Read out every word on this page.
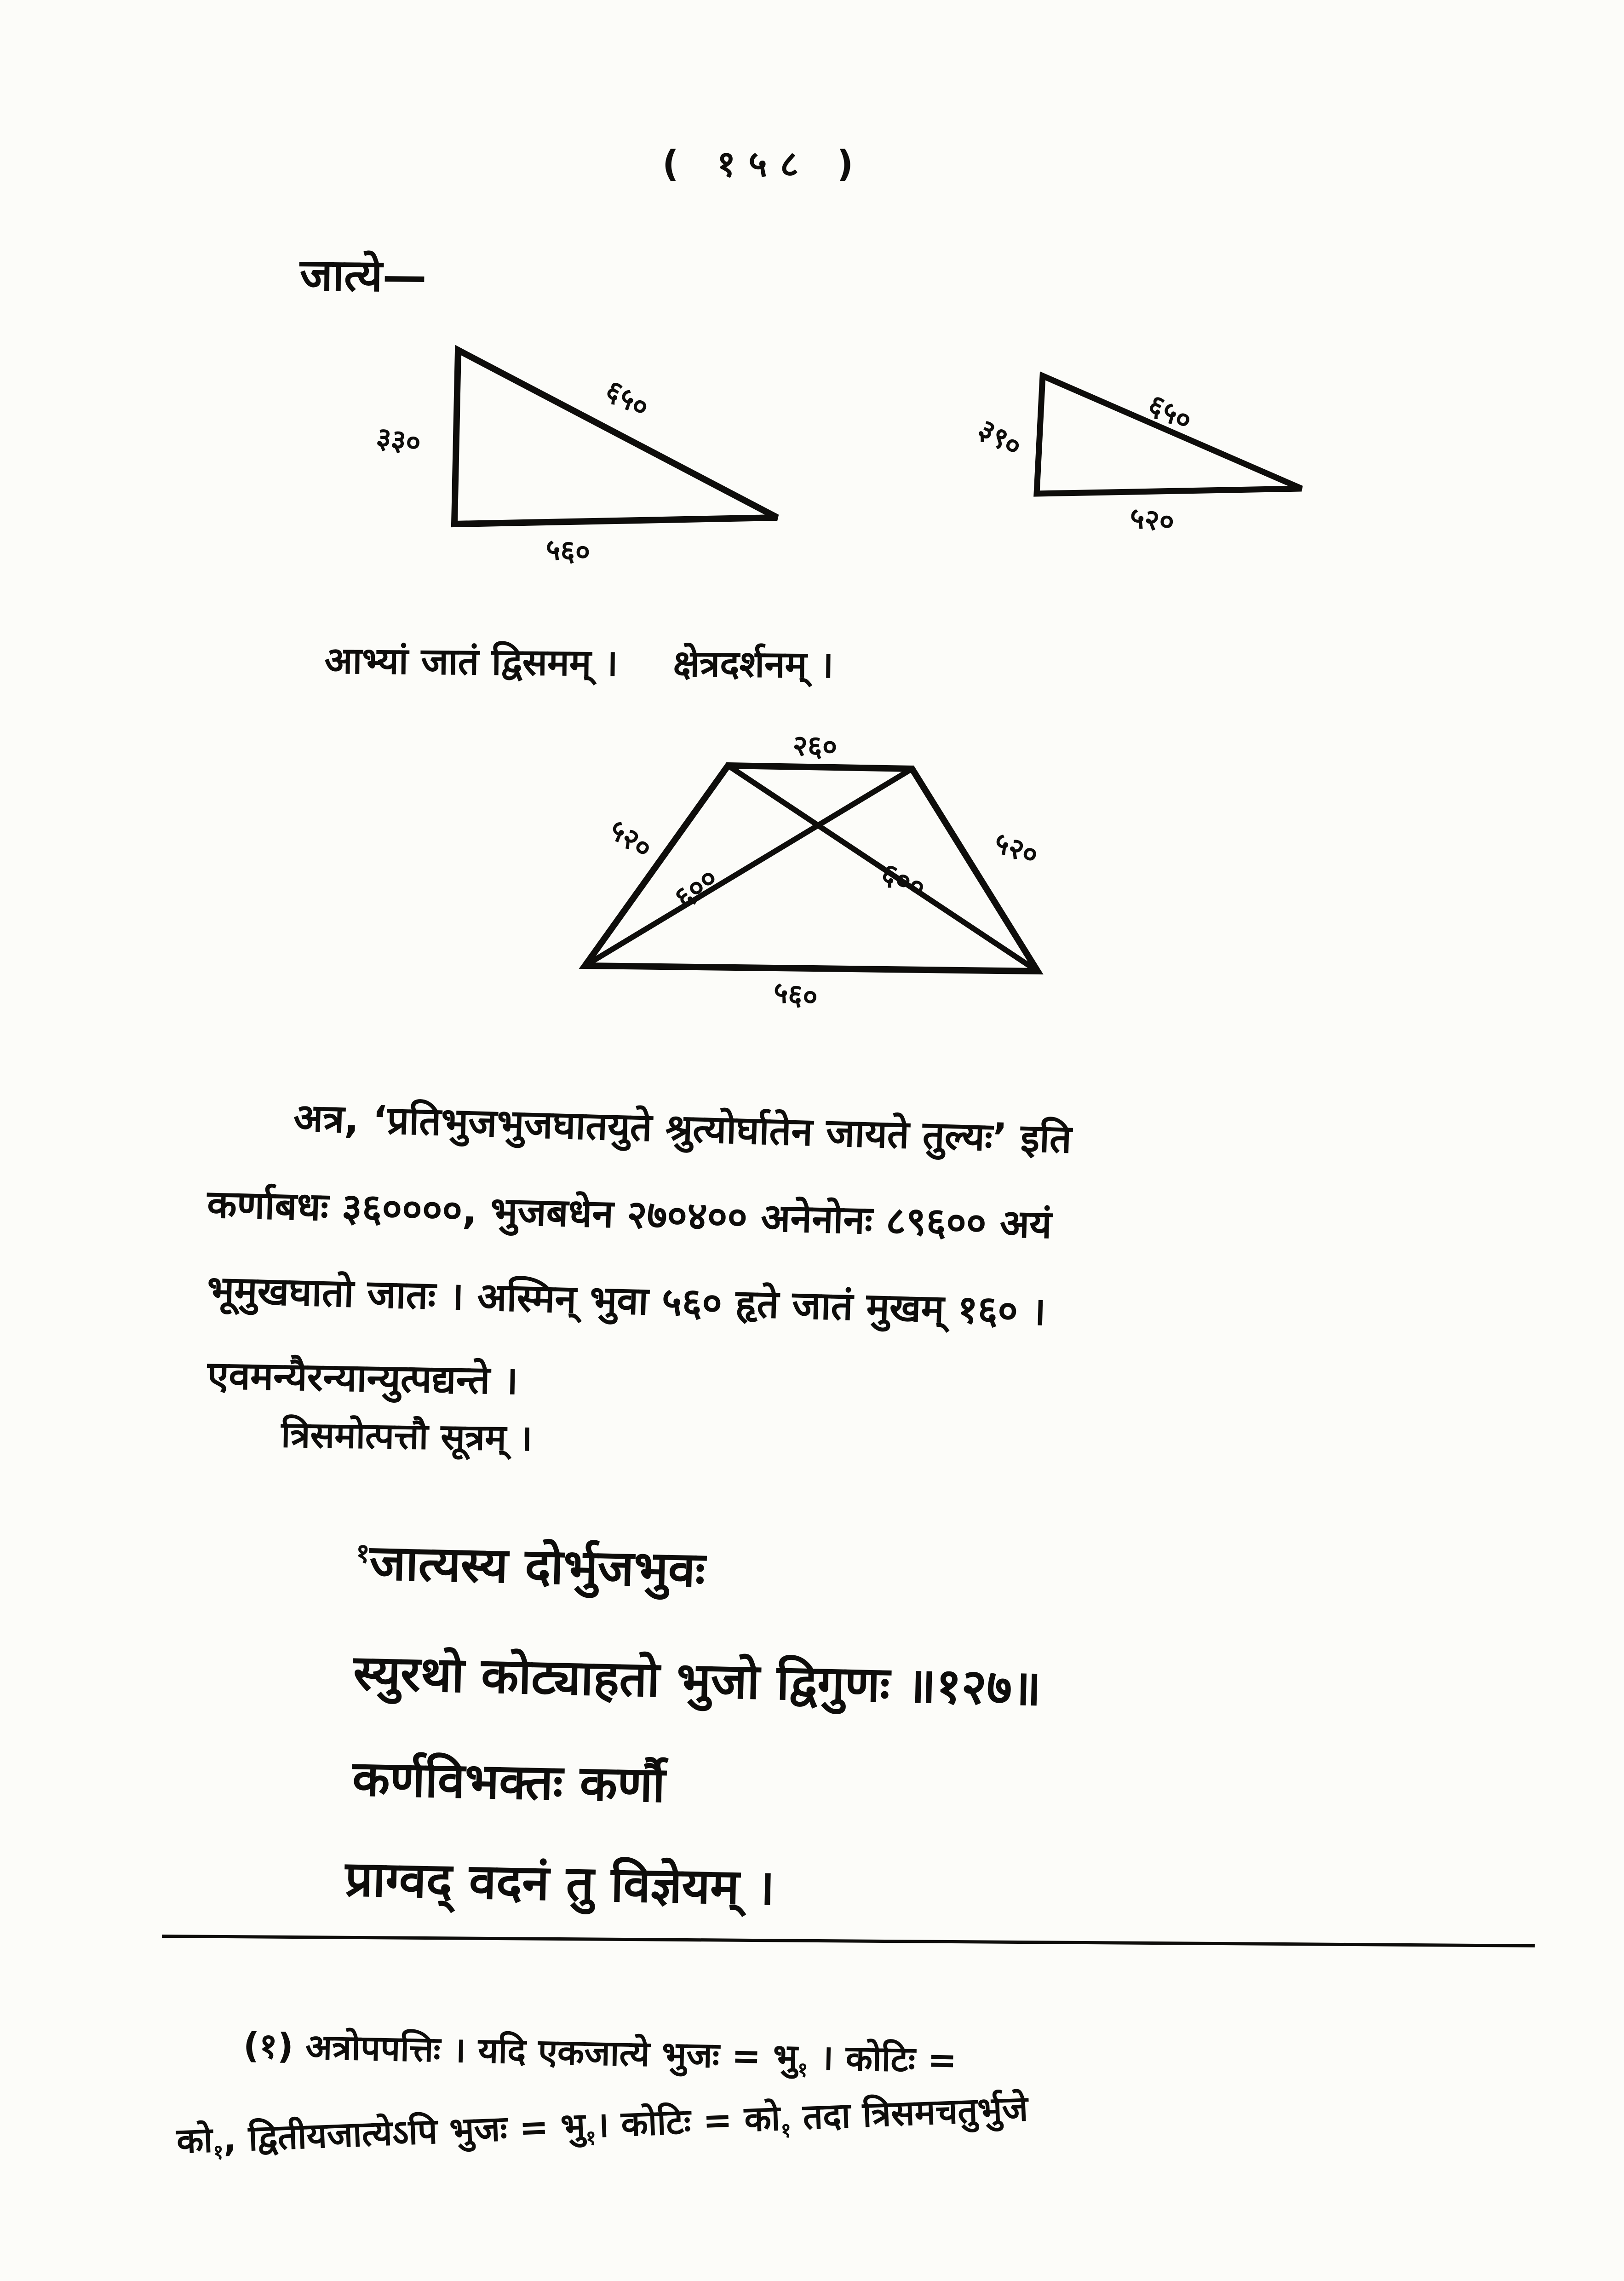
( १५८ )
जात्ये—
३३०
६५०
५६०
३९०	६५०
५२०
आभ्यां जातं द्विसमम् । क्षेत्रदर्शनम् ।
२६०
५२०	५२०
६००	६००
५६०
अत्र, ‘प्रतिभुजभुजघातयुते श्रुत्योर्घातेन जायते तुल्यः’ इति
कर्णाबधः ३६००००, भुजबधेन २७०४०० अनेनोनः ८९६०० अयं
भूमुखघातो जातः । अस्मिन् भुवा ५६० हृते जातं मुखम् १६० ।
एवमन्यैरन्यान्युत्पद्यन्ते ।
त्रिसमोत्पत्तौ सूत्रम् ।
$^१$जात्यस्य दोर्भुजभुवः
स्युरथो कोट्याहतो भुजो द्विगुणः ॥१२७॥
कर्णविभक्तः कर्णौ
प्राग्वद् वदनं तु विज्ञेयम् ।
(१) अत्रोपपत्तिः । यदि एकजात्ये भुजः = $भु_१$ । कोटिः =
$को_१$, द्वितीयजात्येऽपि भुजः = $भु_१।$ कोटिः = $को_१$ तदा त्रिसमचतुर्भुजे
